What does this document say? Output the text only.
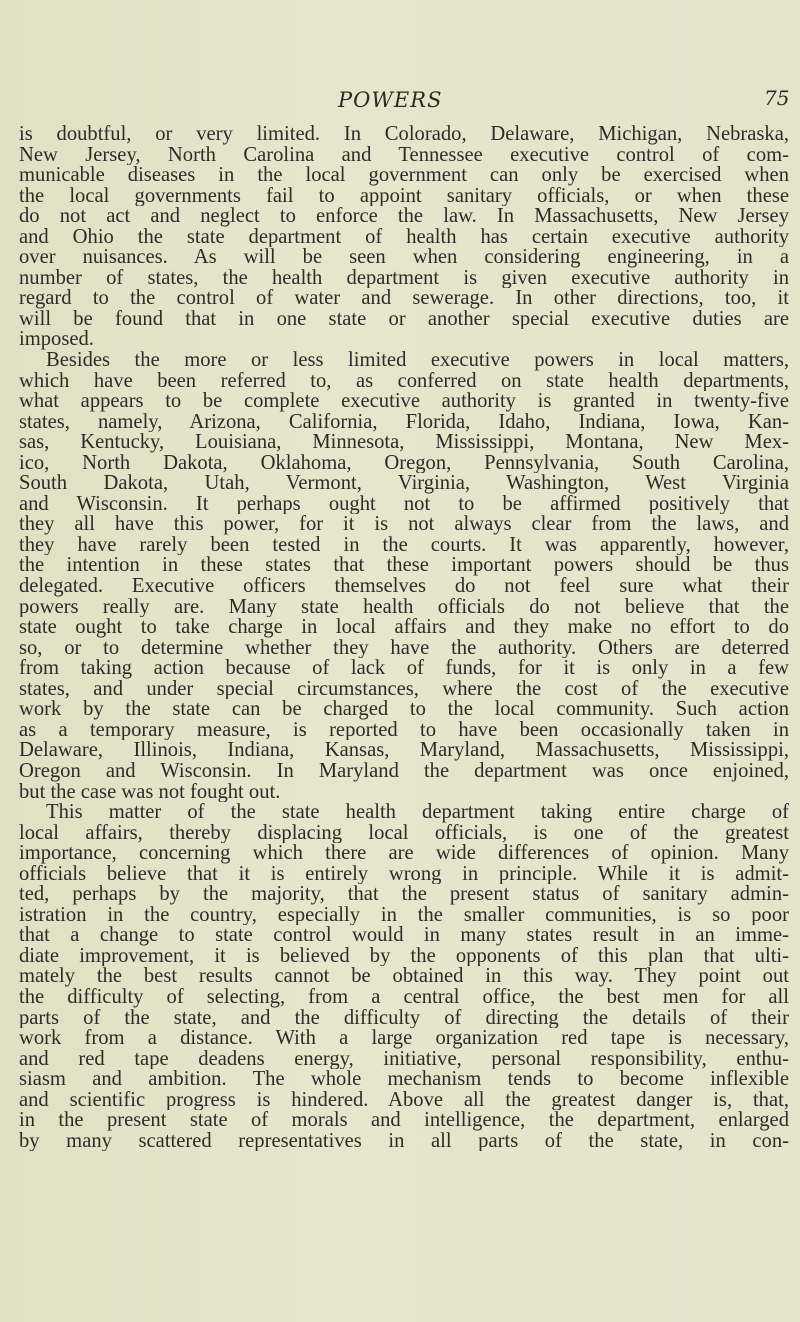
POWERS	75
is doubtful, or very limited. In Colorado, Delaware, Michigan, Nebraska,
New Jersey, North Carolina and Tennessee executive control of com-
municable diseases in the local government can only be exercised when
the local governments fail to appoint sanitary officials, or when these
do not act and neglect to enforce the law. In Massachusetts, New Jersey
and Ohio the state department of health has certain executive authority
over nuisances. As will be seen when considering engineering, in a
number of states, the health department is given executive authority in
regard to the control of water and sewerage. In other directions, too, it
will be found that in one state or another special executive duties are
imposed.
Besides the more or less limited executive powers in local matters,
which have been referred to, as conferred on state health departments,
what appears to be complete executive authority is granted in twenty-five
states, namely, Arizona, California, Florida, Idaho, Indiana, Iowa, Kan-
sas, Kentucky, Louisiana, Minnesota, Mississippi, Montana, New Mex-
ico, North Dakota, Oklahoma, Oregon, Pennsylvania, South Carolina,
South Dakota, Utah, Vermont, Virginia, Washington, West Virginia
and Wisconsin. It perhaps ought not to be affirmed positively that
they all have this power, for it is not always clear from the laws, and
they have rarely been tested in the courts. It was apparently, however,
the intention in these states that these important powers should be thus
delegated. Executive officers themselves do not feel sure what their
powers really are. Many state health officials do not believe that the
state ought to take charge in local affairs and they make no effort to do
so, or to determine whether they have the authority. Others are deterred
from taking action because of lack of funds, for it is only in a few
states, and under special circumstances, where the cost of the executive
work by the state can be charged to the local community. Such action
as a temporary measure, is reported to have been occasionally taken in
Delaware, Illinois, Indiana, Kansas, Maryland, Massachusetts, Mississippi,
Oregon and Wisconsin. In Maryland the department was once enjoined,
but the case was not fought out.
This matter of the state health department taking entire charge of
local affairs, thereby displacing local officials, is one of the greatest
importance, concerning which there are wide differences of opinion. Many
officials believe that it is entirely wrong in principle. While it is admit-
ted, perhaps by the majority, that the present status of sanitary admin-
istration in the country, especially in the smaller communities, is so poor
that a change to state control would in many states result in an imme-
diate improvement, it is believed by the opponents of this plan that ulti-
mately the best results cannot be obtained in this way. They point out
the difficulty of selecting, from a central office, the best men for all
parts of the state, and the difficulty of directing the details of their
work from a distance. With a large organization red tape is necessary,
and red tape deadens energy, initiative, personal responsibility, enthu-
siasm and ambition. The whole mechanism tends to become inflexible
and scientific progress is hindered. Above all the greatest danger is, that,
in the present state of morals and intelligence, the department, enlarged
by many scattered representatives in all parts of the state, in con-
